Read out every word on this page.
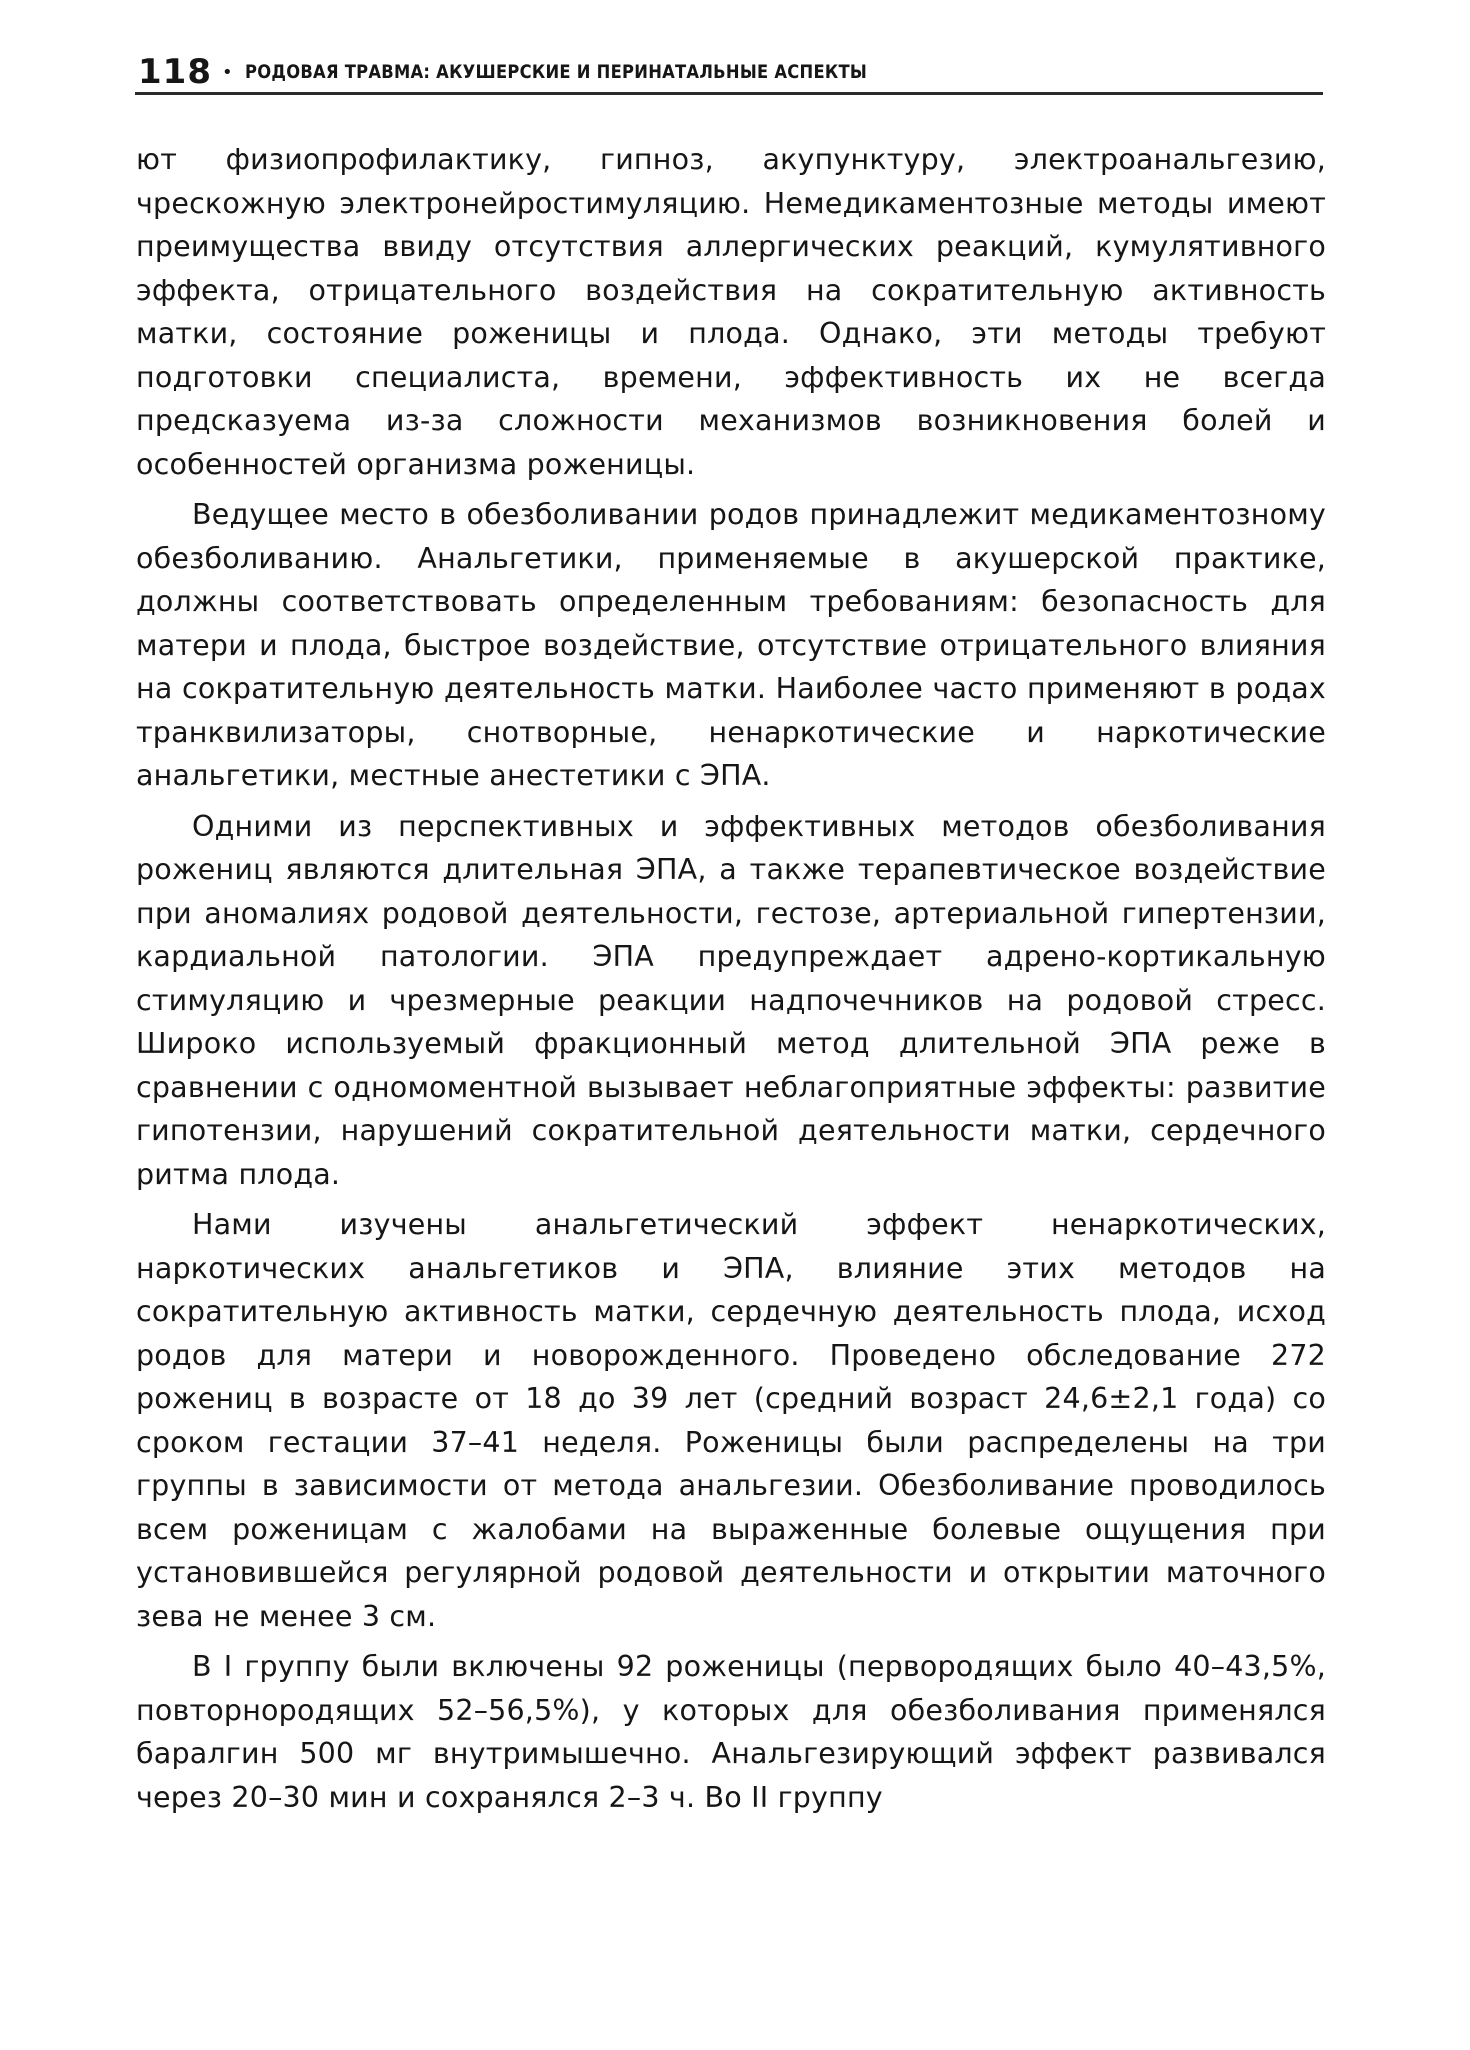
118 • РОДОВАЯ ТРАВМА: АКУШЕРСКИЕ И ПЕРИНАТАЛЬНЫЕ АСПЕКТЫ

ют физиопрофилактику, гипноз, акупунктуру, электроанальгезию, чрескожную электронейростимуляцию. Немедикаментозные методы имеют преимущества ввиду отсутствия аллергических реакций, кумулятивного эффекта, отрицательного воздействия на сократительную активность матки, состояние роженицы и плода. Однако, эти методы требуют подготовки специалиста, времени, эффективность их не всегда предсказуема из-за сложности механизмов возникновения болей и особенностей организма роженицы.

Ведущее место в обезболивании родов принадлежит медикаментозному обезболиванию. Анальгетики, применяемые в акушерской практике, должны соответствовать определенным требованиям: безопасность для матери и плода, быстрое воздействие, отсутствие отрицательного влияния на сократительную деятельность матки. Наиболее часто применяют в родах транквилизаторы, снотворные, ненаркотические и наркотические анальгетики, местные анестетики с ЭПА.

Одними из перспективных и эффективных методов обезболивания рожениц являются длительная ЭПА, а также терапевтическое воздействие при аномалиях родовой деятельности, гестозе, артериальной гипертензии, кардиальной патологии. ЭПА предупреждает адрено-кортикальную стимуляцию и чрезмерные реакции надпочечников на родовой стресс. Широко используемый фракционный метод длительной ЭПА реже в сравнении с одномоментной вызывает неблагоприятные эффекты: развитие гипотензии, нарушений сократительной деятельности матки, сердечного ритма плода.

Нами изучены анальгетический эффект ненаркотических, наркотических анальгетиков и ЭПА, влияние этих методов на сократительную активность матки, сердечную деятельность плода, исход родов для матери и новорожденного. Проведено обследование 272 рожениц в возрасте от 18 до 39 лет (средний возраст 24,6±2,1 года) со сроком гестации 37–41 неделя. Роженицы были распределены на три группы в зависимости от метода анальгезии. Обезболивание проводилось всем роженицам с жалобами на выраженные болевые ощущения при установившейся регулярной родовой деятельности и открытии маточного зева не менее 3 см.

В I группу были включены 92 роженицы (первородящих было 40–43,5%, повторнородящих 52–56,5%), у которых для обезболивания применялся баралгин 500 мг внутримышечно. Анальгезирующий эффект развивался через 20–30 мин и сохранялся 2–3 ч. Во II группу
